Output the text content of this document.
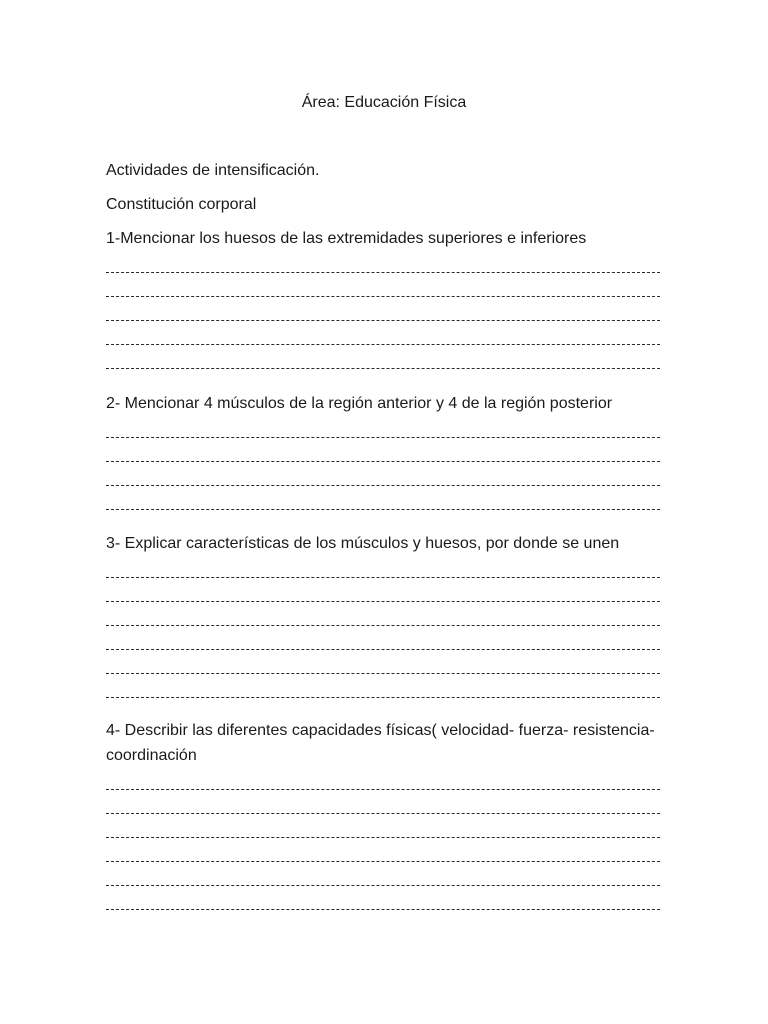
Área: Educación Física

Actividades de intensificación.

Constitución corporal

1-Mencionar los huesos de las extremidades superiores e inferiores

2- Mencionar 4 músculos de la región anterior y 4 de la región posterior

3- Explicar características de los músculos y huesos, por donde se unen

4- Describir las diferentes capacidades físicas( velocidad- fuerza- resistencia- coordinación
